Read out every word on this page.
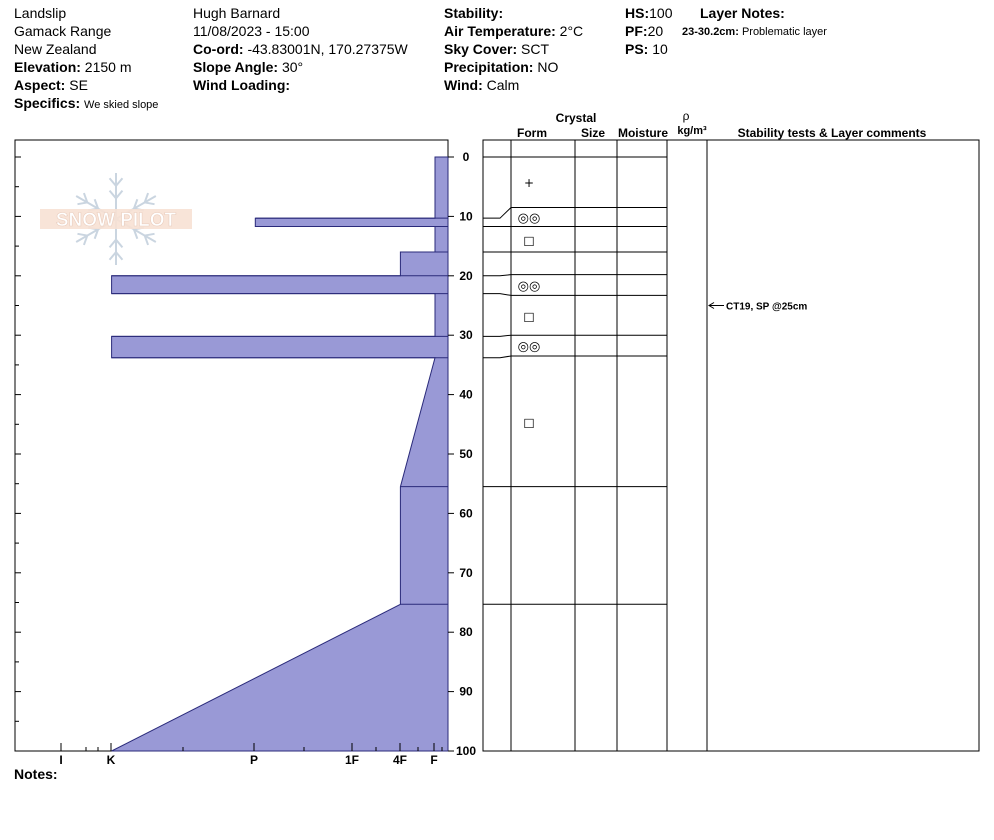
Landslip
Gamack Range
New Zealand
Elevation: 2150 m
Aspect: SE
Specifics: We skied slope
Hugh Barnard
11/08/2023 - 15:00
Co-ord: -43.83001N, 170.27375W
Slope Angle: 30°
Wind Loading:
Stability:
Air Temperature: 2°C
Sky Cover: SCT
Precipitation: NO
Wind: Calm
HS:100
PF:20
PS: 10
Layer Notes:
23-30.2cm: Problematic layer
Notes:
SNOW PILOT
I	K	P	1F	4F F
0
10
20
30
40
50
60
70
80
90
100
Crystal
Form	Size Moisture
ρ
kg/m³	Stability tests & Layer comments
+
◎◎
□
◎◎
□
◎◎
□
CT19, SP @25cm
